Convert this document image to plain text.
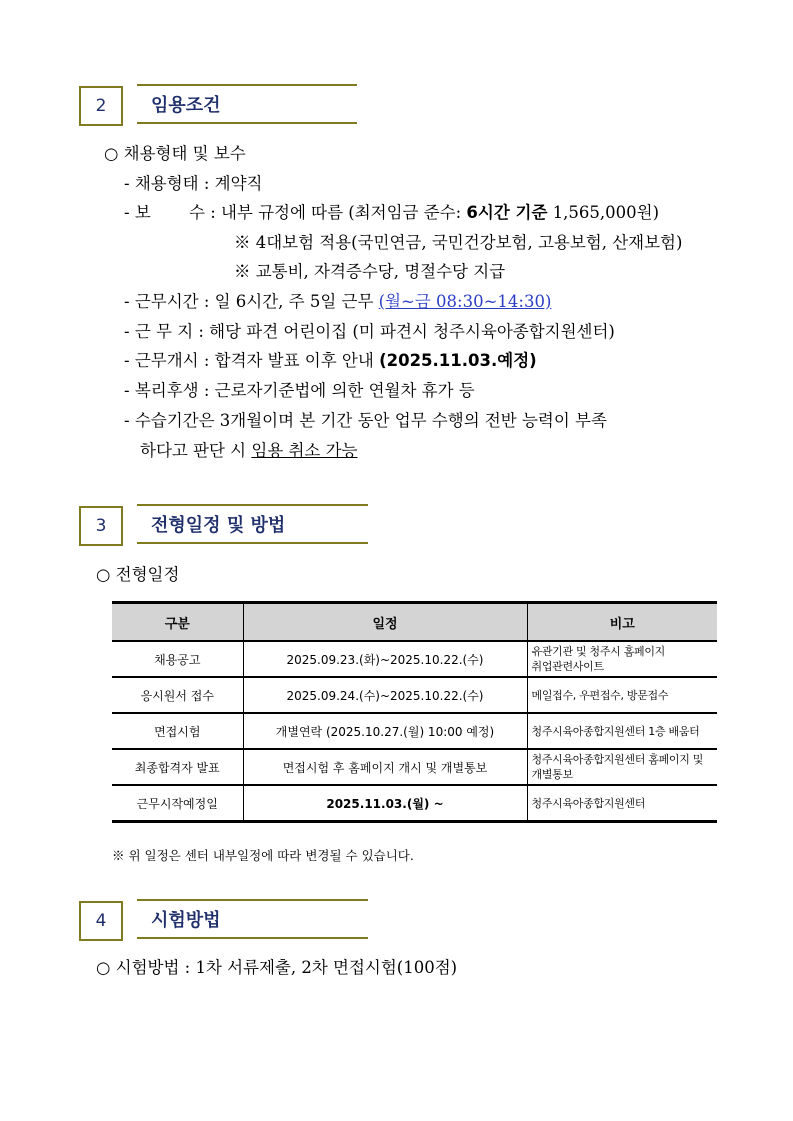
2	임용조건
○ 채용형태 및 보수
- 채용형태 : 계약직
- 보　　 수 : 내부 규정에 따름 (최저임금 준수: 6시간 기준 1,565,000원)
※ 4대보험 적용(국민연금, 국민건강보험, 고용보험, 산재보험)
※ 교통비, 자격증수당, 명절수당 지급
- 근무시간 : 일 6시간, 주 5일 근무 (월~금 08:30~14:30)
- 근 무 지 : 해당 파견 어린이집 (미 파견시 청주시육아종합지원센터)
- 근무개시 : 합격자 발표 이후 안내 (2025.11.03.예정)
- 복리후생 : 근로자기준법에 의한 연월차 휴가 등
- 수습기간은 3개월이며 본 기간 동안 업무 수행의 전반 능력이 부족
하다고 판단 시 임용 취소 가능
3	전형일정 및 방법
○ 전형일정
구분	일정	비고
채용공고	2025.09.23.(화)~2025.10.22.(수)	유관기관 및 청주시 홈페이지
취업관련사이트

응시원서 접수	2025.09.24.(수)~2025.10.22.(수)	메일접수, 우편접수, 방문접수

면접시험	개별연락 (2025.10.27.(월) 10:00 예정)	청주시육아종합지원센터 1층 배움터

최종합격자 발표	면접시험 후 홈페이지 개시 및 개별통보	청주시육아종합지원센터 홈페이지 및
개별통보

근무시작예정일	2025.11.03.(월) ~	청주시육아종합지원센터
※ 위 일정은 센터 내부일정에 따라 변경될 수 있습니다.
4	시험방법
○ 시험방법 : 1차 서류제출, 2차 면접시험(100점)
